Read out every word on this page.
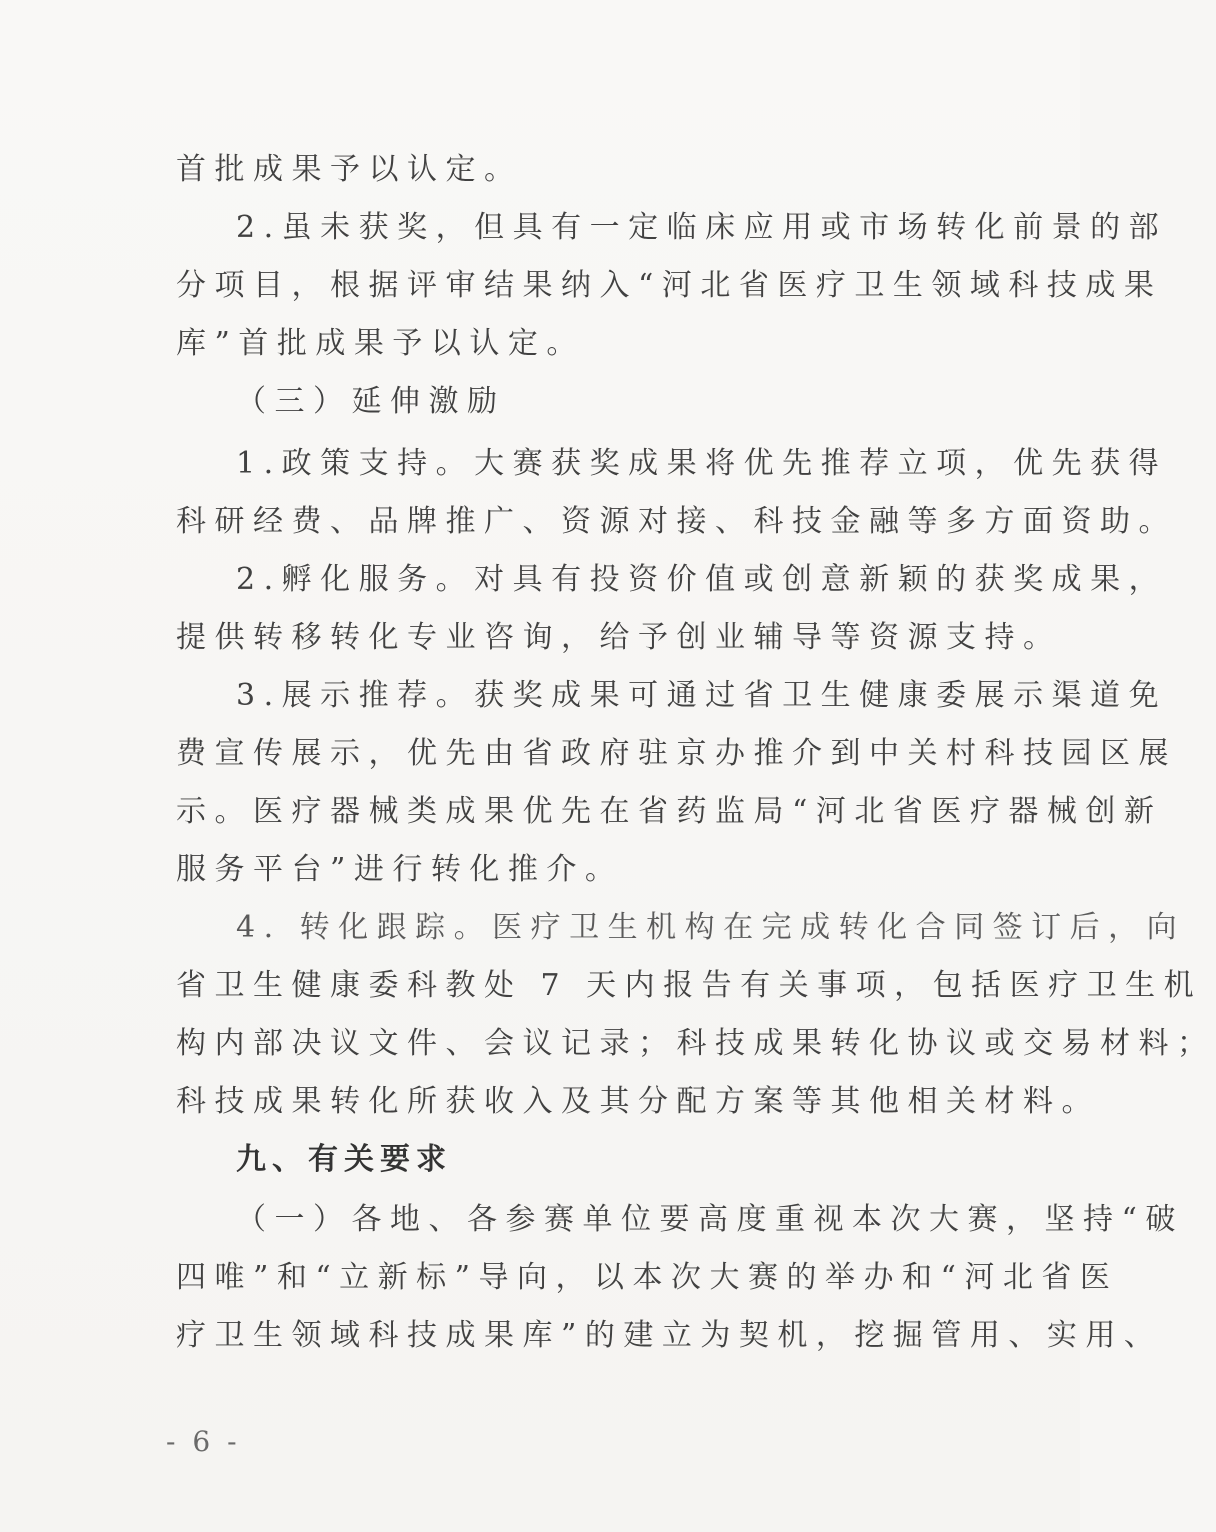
首批成果予以认定。
2.虽未获奖，但具有一定临床应用或市场转化前景的部
分项目，根据评审结果纳入“河北省医疗卫生领域科技成果
库”首批成果予以认定。
（三）延伸激励
1.政策支持。大赛获奖成果将优先推荐立项，优先获得
科研经费、品牌推广、资源对接、科技金融等多方面资助。
2.孵化服务。对具有投资价值或创意新颖的获奖成果，
提供转移转化专业咨询，给予创业辅导等资源支持。
3.展示推荐。获奖成果可通过省卫生健康委展示渠道免
费宣传展示，优先由省政府驻京办推介到中关村科技园区展
示。医疗器械类成果优先在省药监局“河北省医疗器械创新
服务平台”进行转化推介。
4. 转化跟踪。医疗卫生机构在完成转化合同签订后，向
省卫生健康委科教处 7 天内报告有关事项，包括医疗卫生机
构内部决议文件、会议记录；科技成果转化协议或交易材料；
科技成果转化所获收入及其分配方案等其他相关材料。
九、有关要求
（一）各地、各参赛单位要高度重视本次大赛，坚持“破
四唯”和“立新标”导向，以本次大赛的举办和“河北省医
疗卫生领域科技成果库”的建立为契机，挖掘管用、实用、
- 6 -
